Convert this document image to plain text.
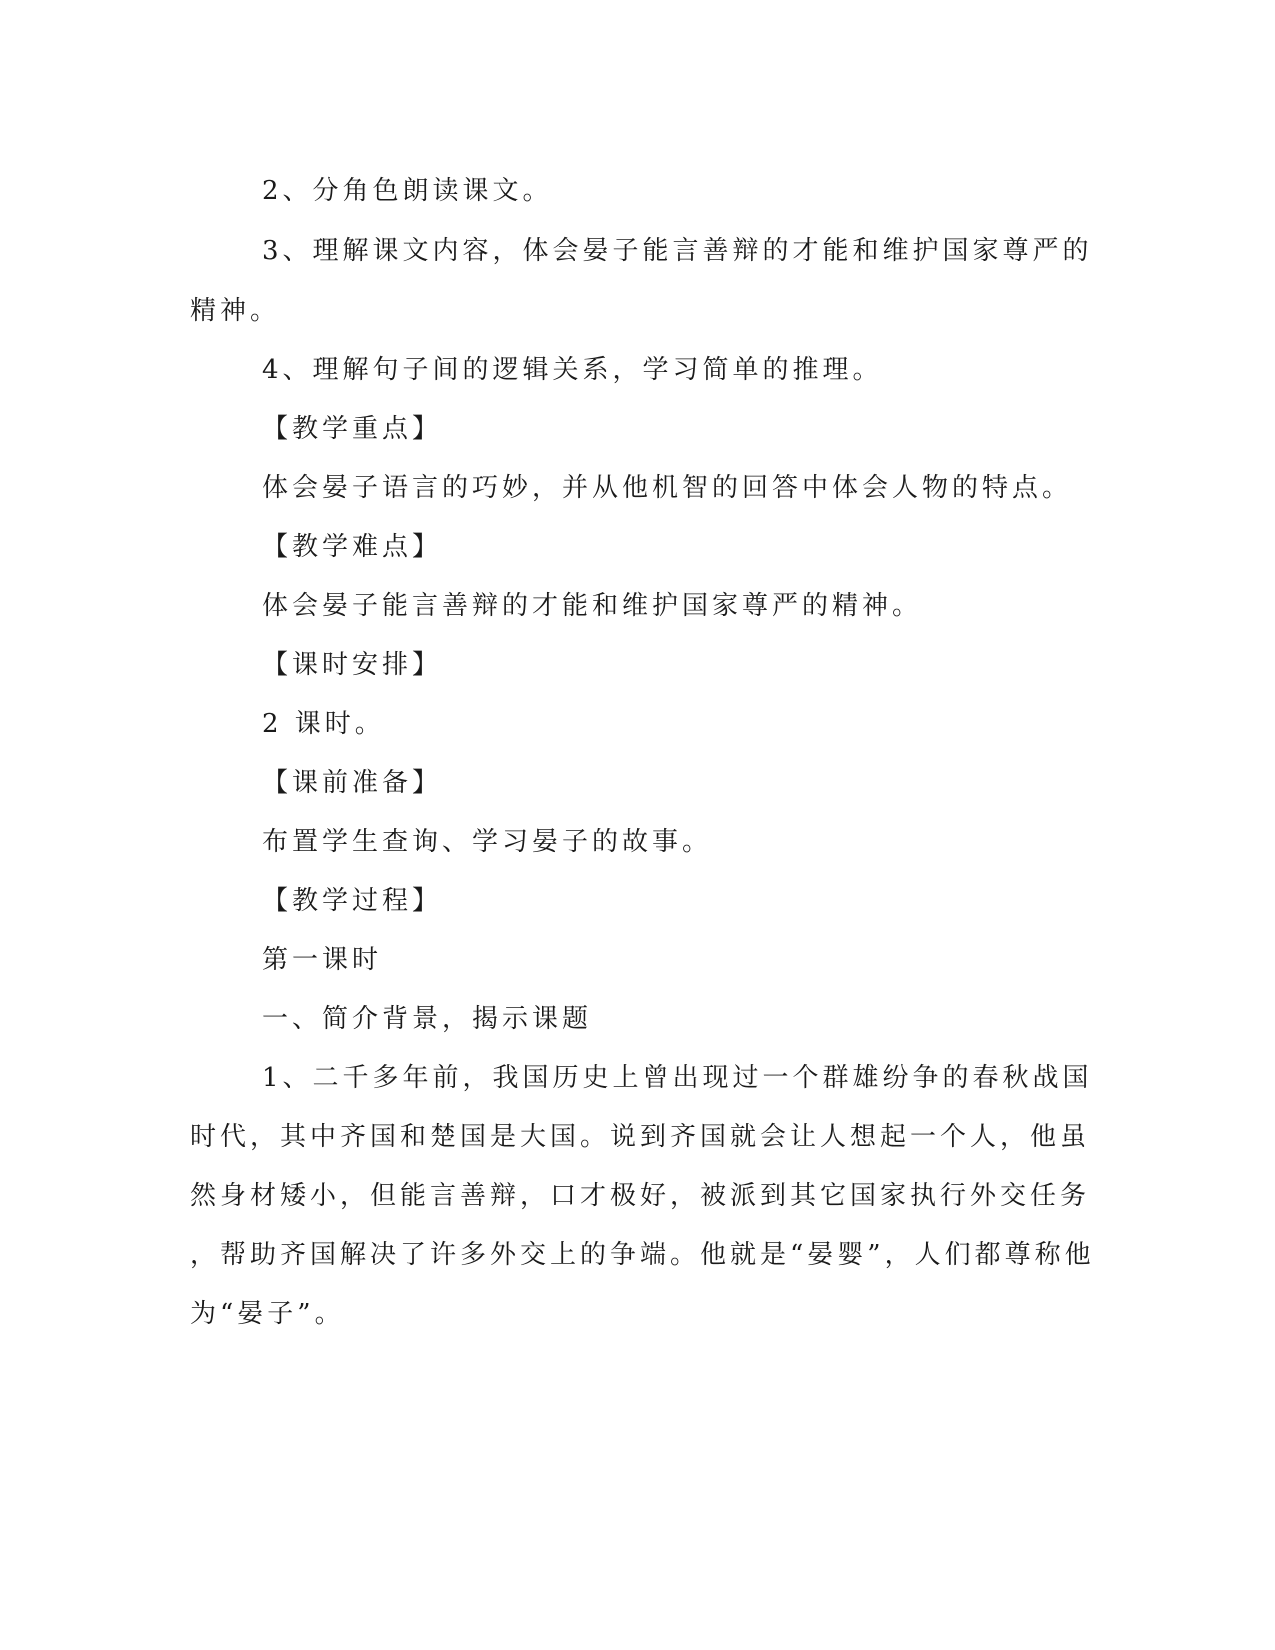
2、分角色朗读课文。
3、理解课文内容，体会晏子能言善辩的才能和维护国家尊严的
精神。
4、理解句子间的逻辑关系，学习简单的推理。
【教学重点】
体会晏子语言的巧妙，并从他机智的回答中体会人物的特点。
【教学难点】
体会晏子能言善辩的才能和维护国家尊严的精神。
【课时安排】
2 课时。
【课前准备】
布置学生查询、学习晏子的故事。
【教学过程】
第一课时
一、简介背景，揭示课题
1、二千多年前，我国历史上曾出现过一个群雄纷争的春秋战国
时代，其中齐国和楚国是大国。说到齐国就会让人想起一个人，他虽
然身材矮小，但能言善辩，口才极好，被派到其它国家执行外交任务
，帮助齐国解决了许多外交上的争端。他就是“晏婴”，人们都尊称他
为“晏子”。
